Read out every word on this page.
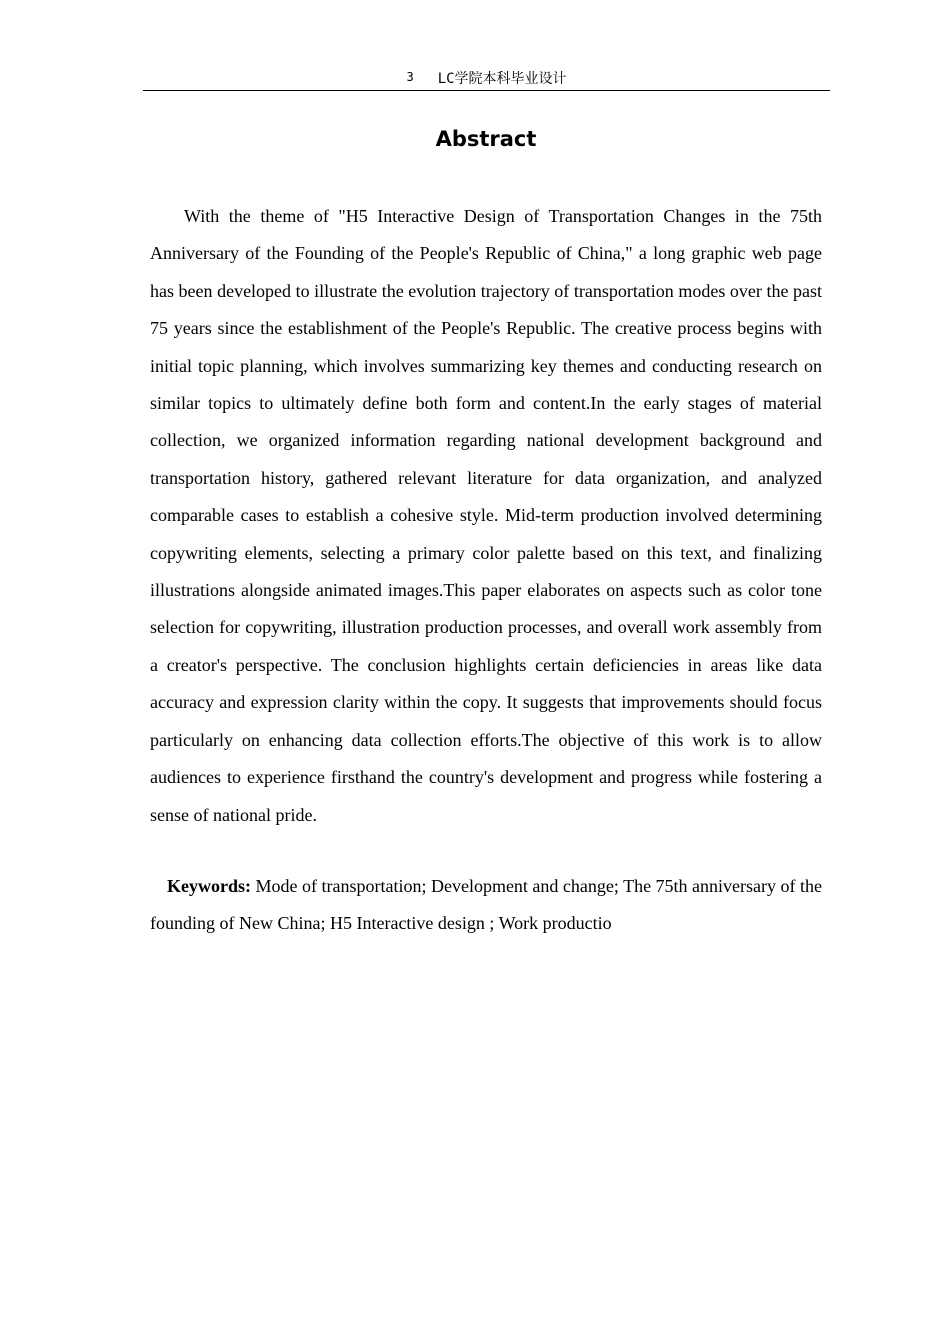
3 LC学院本科毕业设计
Abstract

With the theme of "H5 Interactive Design of Transportation Changes in the 75th Anniversary of the Founding of the People's Republic of China," a long graphic web page has been developed to illustrate the evolution trajectory of transportation modes over the past 75 years since the establishment of the People's Republic. The creative process begins with initial topic planning, which involves summarizing key themes and conducting research on similar topics to ultimately define both form and content.In the early stages of material collection, we organized information regarding national development background and transportation history, gathered relevant literature for data organization, and analyzed comparable cases to establish a cohesive style. Mid-term production involved determining copywriting elements, selecting a primary color palette based on this text, and finalizing illustrations alongside animated images.This paper elaborates on aspects such as color tone selection for copywriting, illustration production processes, and overall work assembly from a creator's perspective. The conclusion highlights certain deficiencies in areas like data accuracy and expression clarity within the copy. It suggests that improvements should focus particularly on enhancing data collection efforts.The objective of this work is to allow audiences to experience firsthand the country's development and progress while fostering a sense of national pride.

Keywords: Mode of transportation; Development and change; The 75th anniversary of the founding of New China; H5 Interactive design ; Work productio
